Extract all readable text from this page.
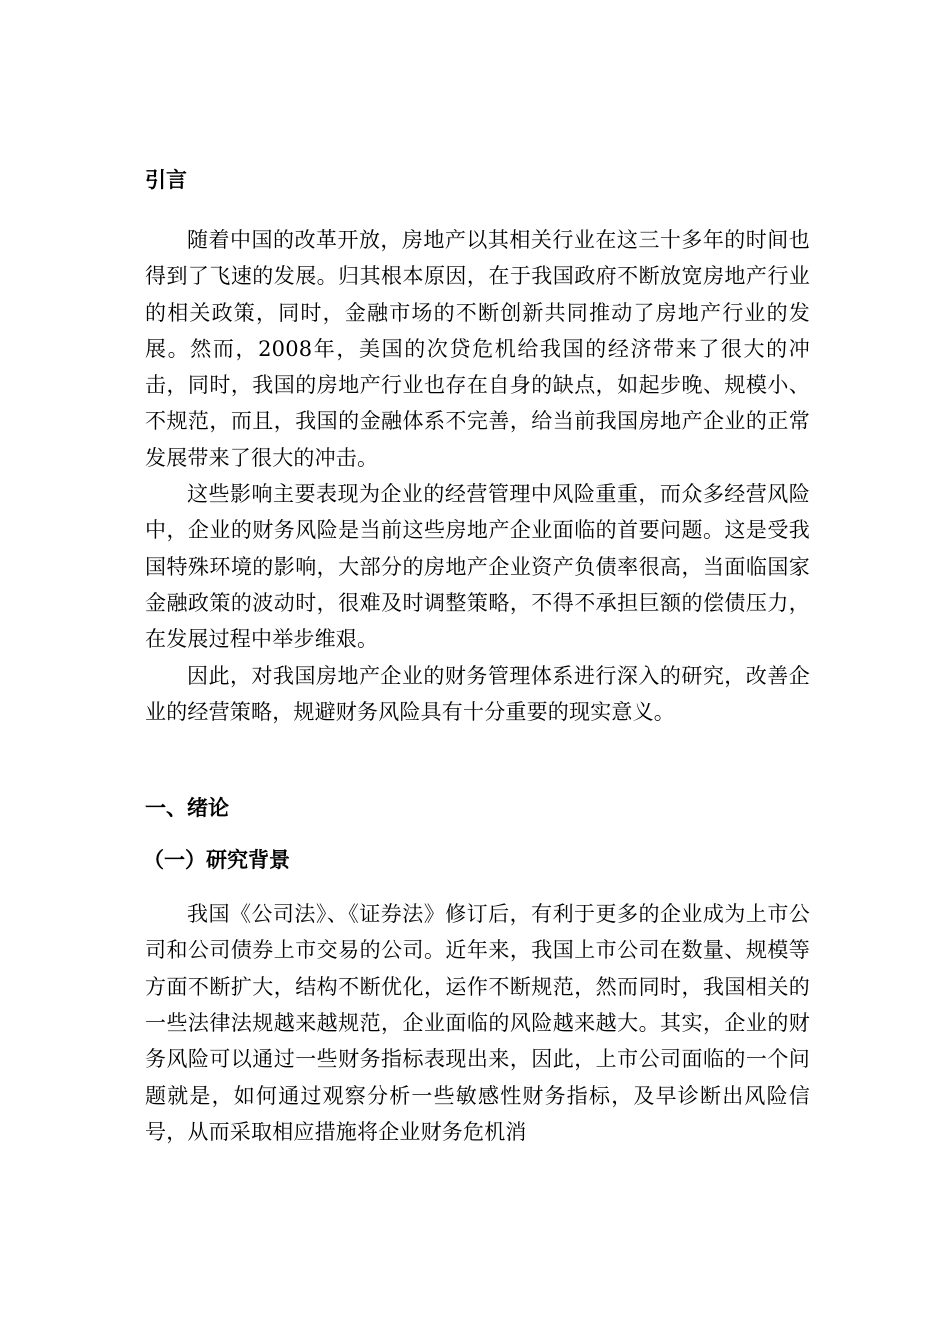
引言

随着中国的改革开放，房地产以其相关行业在这三十多年的时间也得到了飞速的发展。归其根本原因，在于我国政府不断放宽房地产行业的相关政策，同时，金融市场的不断创新共同推动了房地产行业的发展。然而，2008年，美国的次贷危机给我国的经济带来了很大的冲击，同时，我国的房地产行业也存在自身的缺点，如起步晚、规模小、不规范，而且，我国的金融体系不完善，给当前我国房地产企业的正常发展带来了很大的冲击。

这些影响主要表现为企业的经营管理中风险重重，而众多经营风险中，企业的财务风险是当前这些房地产企业面临的首要问题。这是受我国特殊环境的影响，大部分的房地产企业资产负债率很高，当面临国家金融政策的波动时，很难及时调整策略，不得不承担巨额的偿债压力，在发展过程中举步维艰。

因此，对我国房地产企业的财务管理体系进行深入的研究，改善企业的经营策略，规避财务风险具有十分重要的现实意义。

一、绪论
（一）研究背景

我国《公司法》、《证券法》修订后，有利于更多的企业成为上市公司和公司债券上市交易的公司。近年来，我国上市公司在数量、规模等方面不断扩大，结构不断优化，运作不断规范，然而同时，我国相关的一些法律法规越来越规范，企业面临的风险越来越大。其实，企业的财务风险可以通过一些财务指标表现出来，因此，上市公司面临的一个问题就是，如何通过观察分析一些敏感性财务指标，及早诊断出风险信号，从而采取相应措施将企业财务危机消
